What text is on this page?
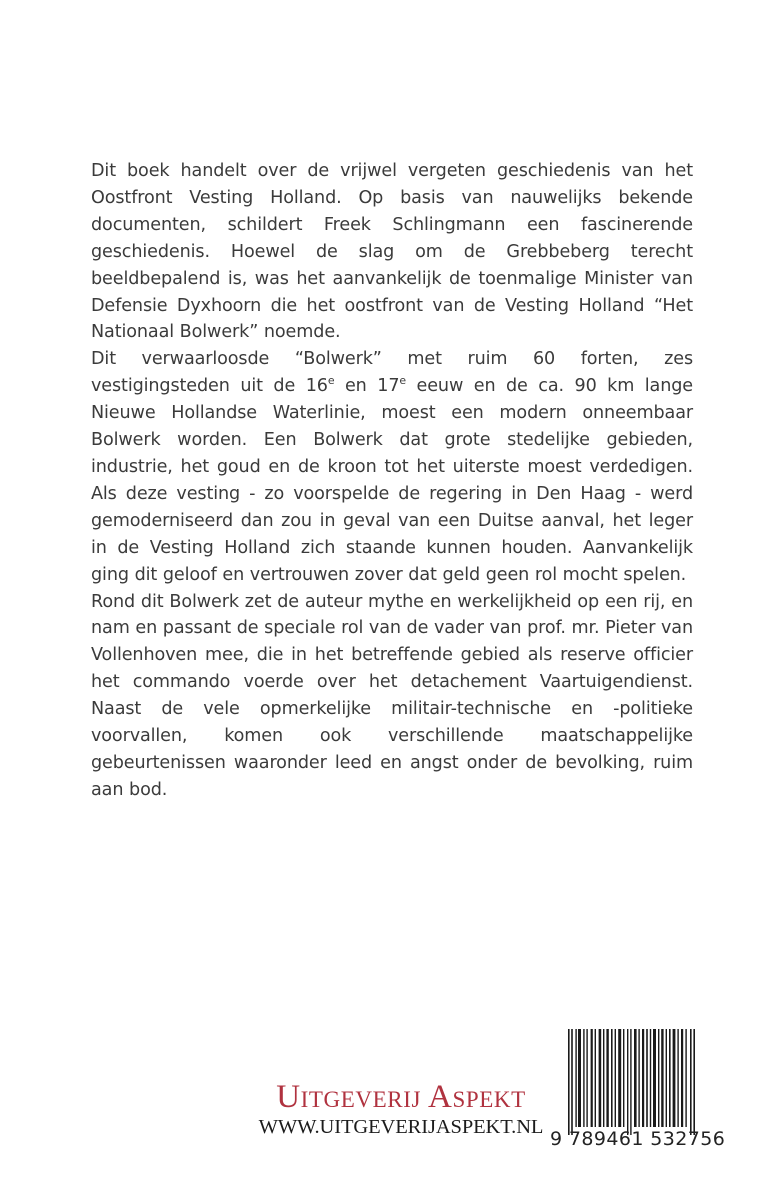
Dit boek handelt over de vrijwel vergeten geschiedenis van het Oostfront Vesting Holland. Op basis van nauwelijks bekende documenten, schildert Freek Schlingmann een fascinerende geschiedenis. Hoewel de slag om de Grebbeberg terecht beeldbepalend is, was het aanvankelijk de toenmalige Minister van Defensie Dyxhoorn die het oostfront van de Vesting Holland “Het Nationaal Bolwerk” noemde.

Dit verwaarloosde “Bolwerk” met ruim 60 forten, zes vestigingsteden uit de 16e en 17e eeuw en de ca. 90 km lange Nieuwe Hollandse Waterlinie, moest een modern onneembaar Bolwerk worden. Een Bolwerk dat grote stedelijke gebieden, industrie, het goud en de kroon tot het uiterste moest verdedigen. Als deze vesting - zo voorspelde de regering in Den Haag - werd gemoderniseerd dan zou in geval van een Duitse aanval, het leger in de Vesting Holland zich staande kunnen houden. Aanvankelijk ging dit geloof en vertrouwen zover dat geld geen rol mocht spelen.

Rond dit Bolwerk zet de auteur mythe en werkelijkheid op een rij, en nam en passant de speciale rol van de vader van prof. mr. Pieter van Vollenhoven mee, die in het betreffende gebied als reserve officier het commando voerde over het detachement Vaartuigendienst. Naast de vele opmerkelijke militair-technische en -politieke voorvallen, komen ook verschillende maatschappelijke gebeurtenissen waaronder leed en angst onder de bevolking, ruim aan bod.

Uitgeverij Aspekt
WWW.UITGEVERIJASPEKT.NL
9 789461 532756
